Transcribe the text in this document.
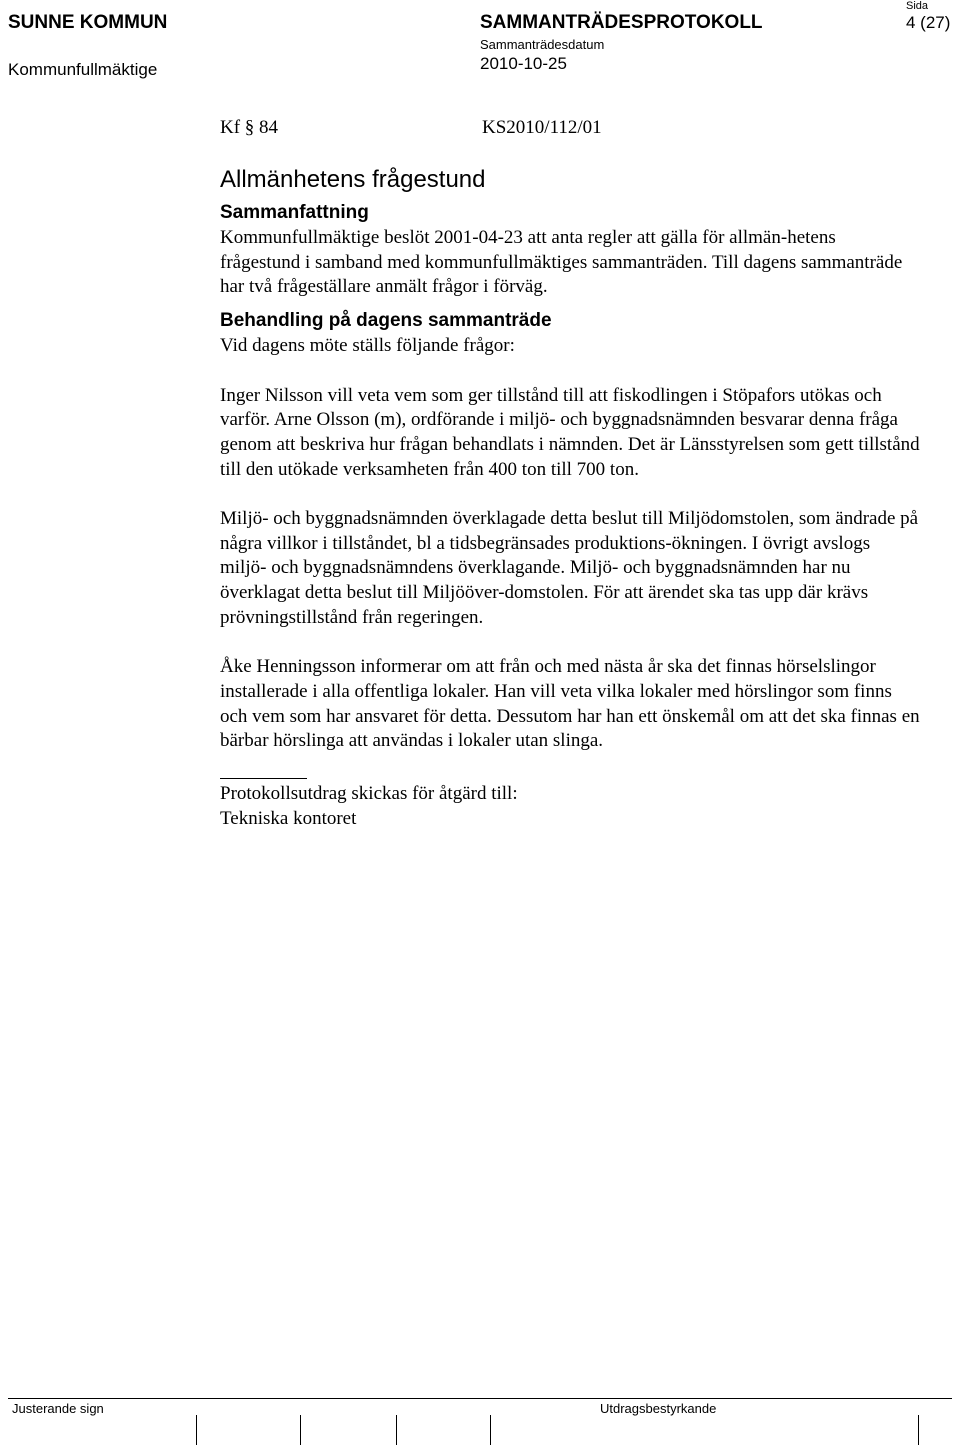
SUNNE KOMMUN
Kommunfullmäktige
SAMMANTRÄDESPROTOKOLL
Sammanträdesdatum
2010-10-25
Sida
4 (27)
Kf § 84	KS2010/112/01
Allmänhetens frågestund
Sammanfattning

Kommunfullmäktige beslöt 2001-04-23 att anta regler att gälla för allmän-hetens frågestund i samband med kommunfullmäktiges sammanträden. Till dagens sammanträde har två frågeställare anmält frågor i förväg.

Behandling på dagens sammanträde

Vid dagens möte ställs följande frågor:

Inger Nilsson vill veta vem som ger tillstånd till att fiskodlingen i Stöpafors utökas och varför. Arne Olsson (m), ordförande i miljö- och byggnadsnämnden besvarar denna fråga genom att beskriva hur frågan behandlats i nämnden. Det är Länsstyrelsen som gett tillstånd till den utökade verksamheten från 400 ton till 700 ton.

Miljö- och byggnadsnämnden överklagade detta beslut till Miljödomstolen, som ändrade på några villkor i tillståndet, bl a tidsbegränsades produktions-ökningen. I övrigt avslogs miljö- och byggnadsnämndens överklagande. Miljö- och byggnadsnämnden har nu överklagat detta beslut till Miljööver-domstolen. För att ärendet ska tas upp där krävs prövningstillstånd från regeringen.

Åke Henningsson informerar om att från och med nästa år ska det finnas hörselslingor installerade i alla offentliga lokaler. Han vill veta vilka lokaler med hörslingor som finns och vem som har ansvaret för detta. Dessutom har han ett önskemål om att det ska finnas en bärbar hörslinga att användas i lokaler utan slinga.

Protokollsutdrag skickas för åtgärd till:

Tekniska kontoret

Justerande sign	Utdragsbestyrkande
